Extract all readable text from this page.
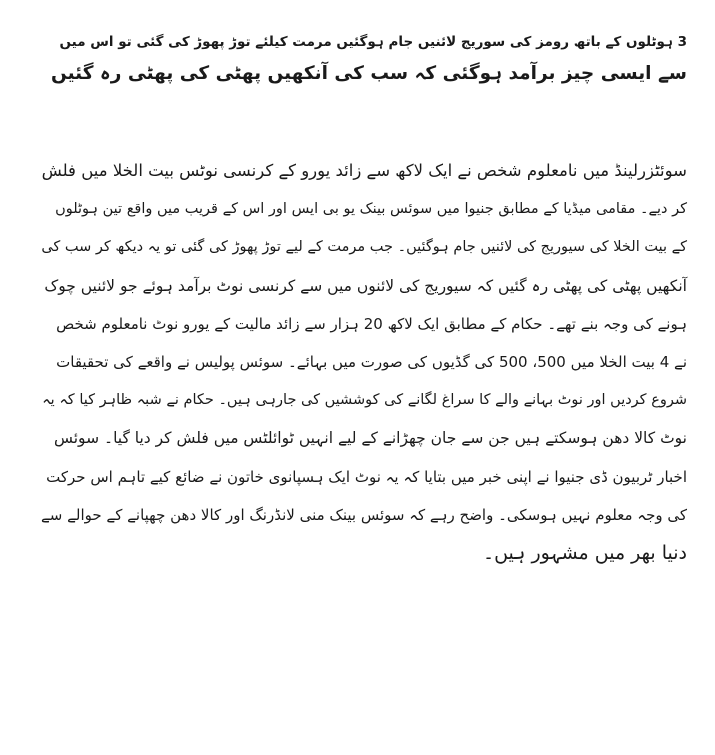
3 ہوٹلوں کے باتھ رومز کی سوریج لائنیں جام ہوگئیں مرمت کیلئے توڑ پھوڑ کی گئی تو اس میں
سے ایسی چیز برآمد ہوگئی کہ سب کی آنکھیں پھٹی کی پھٹی رہ گئیں
سوئٹزرلینڈ میں نامعلوم شخص نے ایک لاکھ سے زائد یورو کے کرنسی نوٹس بیت الخلا میں فلش
کر دیے۔ مقامی میڈیا کے مطابق جنیوا میں سوئس بینک یو بی ایس اور اس کے قریب میں واقع تین ہوٹلوں
کے بیت الخلا کی سیوریج کی لائنیں جام ہوگئیں۔ جب مرمت کے لیے توڑ پھوڑ کی گئی تو یہ دیکھ کر سب کی
آنکھیں پھٹی کی پھٹی رہ گئیں کہ سیوریج کی لائنوں میں سے کرنسی نوٹ برآمد ہوئے جو لائنیں چوک
ہونے کی وجہ بنے تھے۔ حکام کے مطابق ایک لاکھ 20 ہزار سے زائد مالیت کے یورو نوٹ نامعلوم شخص
نے 4 بیت الخلا میں 500، 500 کی گڈیوں کی صورت میں بہائے۔ سوئس پولیس نے واقعے کی تحقیقات
شروع کردیں اور نوٹ بہانے والے کا سراغ لگانے کی کوششیں کی جارہی ہیں۔ حکام نے شبہ ظاہر کیا کہ یہ
نوٹ کالا دھن ہوسکتے ہیں جن سے جان چھڑانے کے لیے انہیں ٹوائلٹس میں فلش کر دیا گیا۔ سوئس
اخبار ٹربیون ڈی جنیوا نے اپنی خبر میں بتایا کہ یہ نوٹ ایک ہسپانوی خاتون نے ضائع کیے تاہم اس حرکت
کی وجہ معلوم نہیں ہوسکی۔ واضح رہے کہ سوئس بینک منی لانڈرنگ اور کالا دھن چھپانے کے حوالے سے
دنیا بھر میں مشہور ہیں۔
